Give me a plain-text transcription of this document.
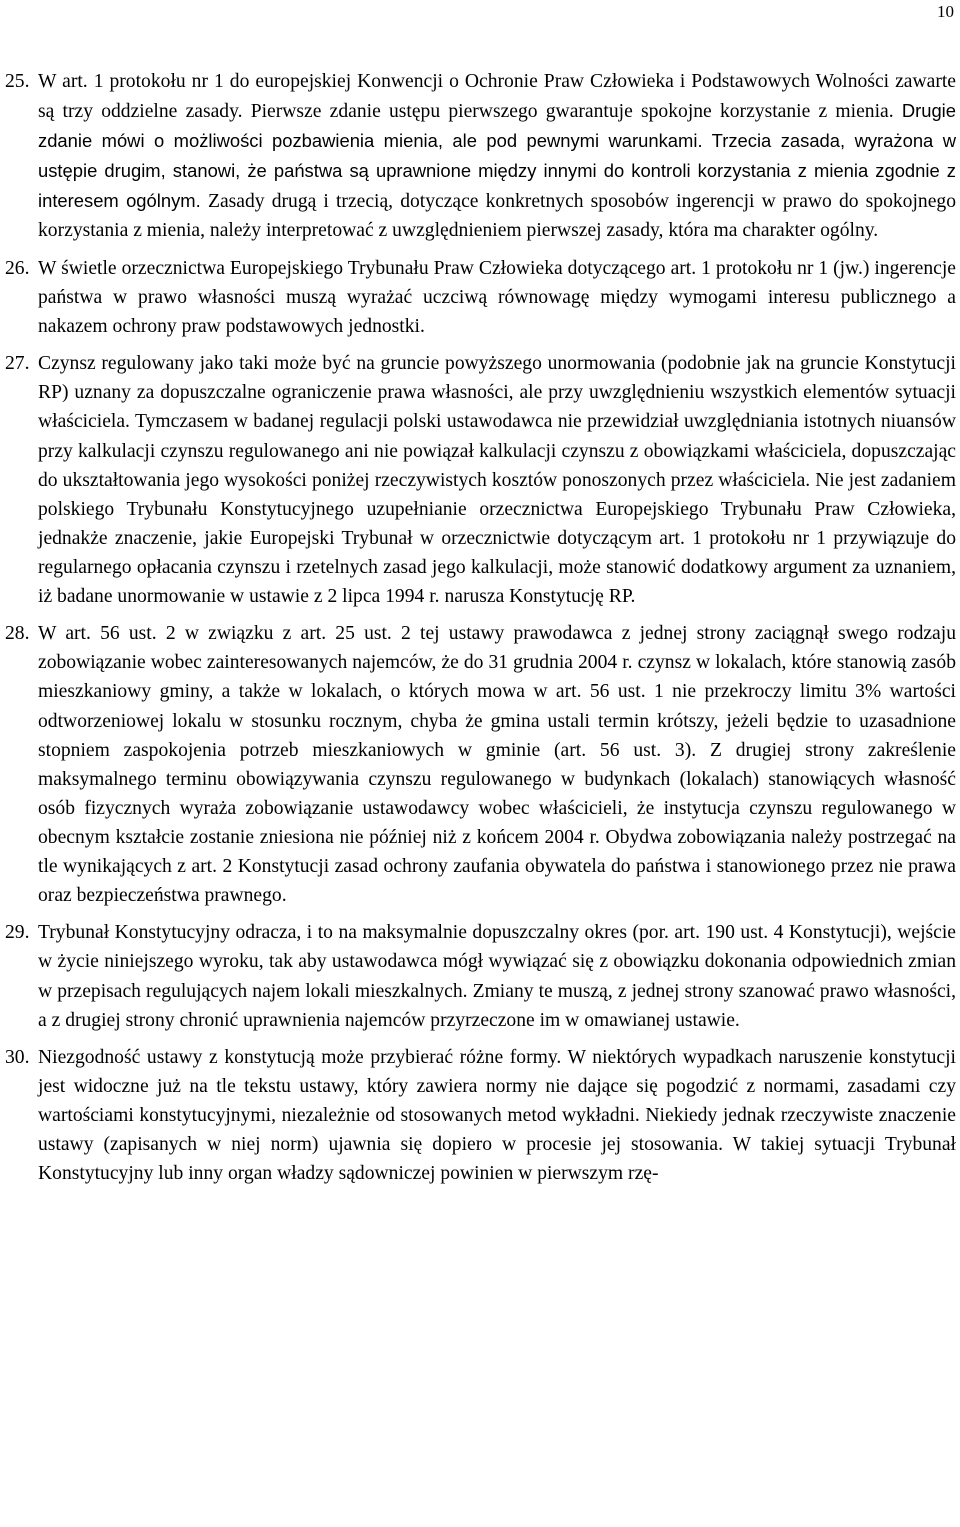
10
25. W art. 1 protokołu nr 1 do europejskiej Konwencji o Ochronie Praw Człowieka i Podstawowych Wolności zawarte są trzy oddzielne zasady. Pierwsze zdanie ustępu pierwszego gwarantuje spokojne korzystanie z mienia. Drugie zdanie mówi o możliwości pozbawienia mienia, ale pod pewnymi warunkami. Trzecia zasada, wyrażona w ustępie drugim, stanowi, że państwa są uprawnione między innymi do kontroli korzystania z mienia zgodnie z interesem ogólnym. Zasady drugą i trzecią, dotyczące konkretnych sposobów ingerencji w prawo do spokojnego korzystania z mienia, należy interpretować z uwzględnieniem pierwszej zasady, która ma charakter ogólny.
26. W świetle orzecznictwa Europejskiego Trybunału Praw Człowieka dotyczącego art. 1 protokołu nr 1 (jw.) ingerencje państwa w prawo własności muszą wyrażać uczciwą równowagę między wymogami interesu publicznego a nakazem ochrony praw podstawowych jednostki.
27. Czynsz regulowany jako taki może być na gruncie powyższego unormowania (podobnie jak na gruncie Konstytucji RP) uznany za dopuszczalne ograniczenie prawa własności, ale przy uwzględnieniu wszystkich elementów sytuacji właściciela. Tymczasem w badanej regulacji polski ustawodawca nie przewidział uwzględniania istotnych niuansów przy kalkulacji czynszu regulowanego ani nie powiązał kalkulacji czynszu z obowiązkami właściciela, dopuszczając do ukształtowania jego wysokości poniżej rzeczywistych kosztów ponoszonych przez właściciela. Nie jest zadaniem polskiego Trybunału Konstytucyjnego uzupełnianie orzecznictwa Europejskiego Trybunału Praw Człowieka, jednakże znaczenie, jakie Europejski Trybunał w orzecznictwie dotyczącym art. 1 protokołu nr 1 przywiązuje do regularnego opłacania czynszu i rzetelnych zasad jego kalkulacji, może stanowić dodatkowy argument za uznaniem, iż badane unormowanie w ustawie z 2 lipca 1994 r. narusza Konstytucję RP.
28. W art. 56 ust. 2 w związku z art. 25 ust. 2 tej ustawy prawodawca z jednej strony zaciągnął swego rodzaju zobowiązanie wobec zainteresowanych najemców, że do 31 grudnia 2004 r. czynsz w lokalach, które stanowią zasób mieszkaniowy gminy, a także w lokalach, o których mowa w art. 56 ust. 1 nie przekroczy limitu 3% wartości odtworzeniowej lokalu w stosunku rocznym, chyba że gmina ustali termin krótszy, jeżeli będzie to uzasadnione stopniem zaspokojenia potrzeb mieszkaniowych w gminie (art. 56 ust. 3). Z drugiej strony zakreślenie maksymalnego terminu obowiązywania czynszu regulowanego w budynkach (lokalach) stanowiących własność osób fizycznych wyraża zobowiązanie ustawodawcy wobec właścicieli, że instytucja czynszu regulowanego w obecnym kształcie zostanie zniesiona nie później niż z końcem 2004 r. Obydwa zobowiązania należy postrzegać na tle wynikających z art. 2 Konstytucji zasad ochrony zaufania obywatela do państwa i stanowionego przez nie prawa oraz bezpieczeństwa prawnego.
29. Trybunał Konstytucyjny odracza, i to na maksymalnie dopuszczalny okres (por. art. 190 ust. 4 Konstytucji), wejście w życie niniejszego wyroku, tak aby ustawodawca mógł wywiązać się z obowiązku dokonania odpowiednich zmian w przepisach regulujących najem lokali mieszkalnych. Zmiany te muszą, z jednej strony szanować prawo własności, a z drugiej strony chronić uprawnienia najemców przyrzeczone im w omawianej ustawie.
30. Niezgodność ustawy z konstytucją może przybierać różne formy. W niektórych wypadkach naruszenie konstytucji jest widoczne już na tle tekstu ustawy, który zawiera normy nie dające się pogodzić z normami, zasadami czy wartościami konstytucyjnymi, niezależnie od stosowanych metod wykładni. Niekiedy jednak rzeczywiste znaczenie ustawy (zapisanych w niej norm) ujawnia się dopiero w procesie jej stosowania. W takiej sytuacji Trybunał Konstytucyjny lub inny organ władzy sądowniczej powinien w pierwszym rzę-
